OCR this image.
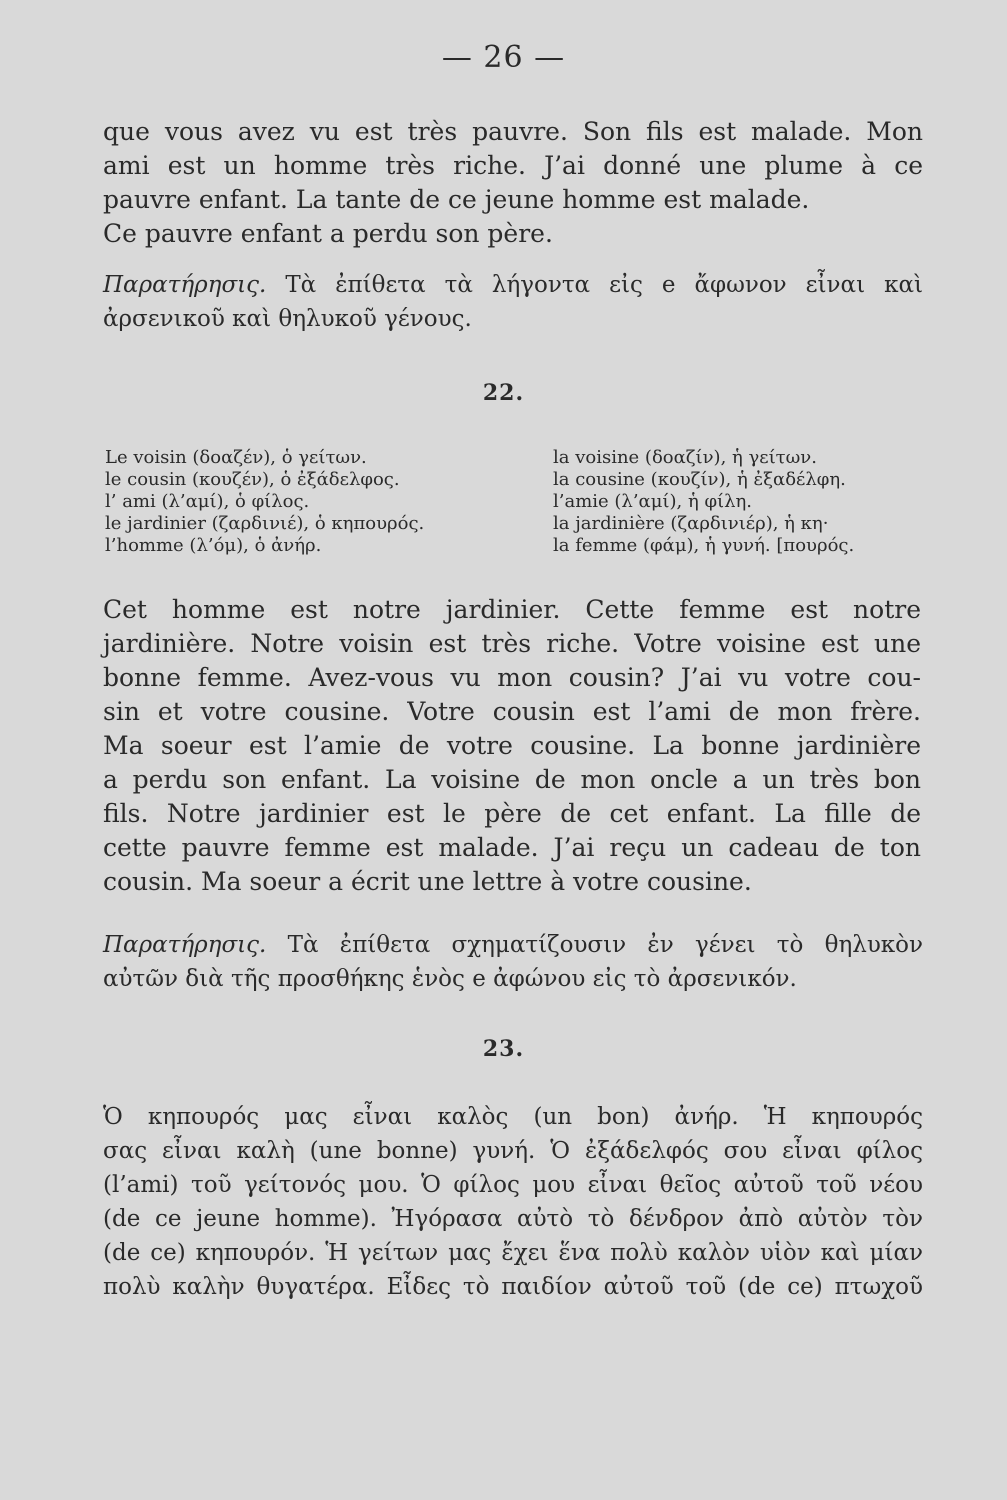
— 26 —
que vous avez vu est très pauvre. Son fils est malade. Mon
ami est un homme très riche. J’ai donné une plume à ce
pauvre enfant. La tante de ce jeune homme est malade.
Ce pauvre enfant a perdu son père.
Παρατήρησις. Τὰ ἐπίθετα τὰ λήγοντα εἰς e ἄφωνον εἶναι καὶ
ἀρσενικοῦ καὶ θηλυκοῦ γένους.
22.
Le voisin (δοαζέν), ὁ γείτων.
le cousin (κουζέν), ὁ ἐξάδελφος.
l’ ami (λ’αμί), ὁ φίλος.
le jardinier (ζαρδινιέ), ὁ κηπουρός.
l’homme (λ’όμ), ὁ ἀνήρ.
la voisine (δοαζίν), ἡ γείτων.
la cousine (κουζίν), ἡ ἐξαδέλφη.
l’amie (λ’αμί), ἡ φίλη.
la jardinière (ζαρδινιέρ), ἡ κη·
la femme (φάμ), ἡ γυνή. [πουρός.
Cet homme est notre jardinier. Cette femme est notre
jardinière. Notre voisin est très riche. Votre voisine est une
bonne femme. Avez-vous vu mon cousin? J’ai vu votre cou-
sin et votre cousine. Votre cousin est l’ami de mon frère.
Ma soeur est l’amie de votre cousine. La bonne jardinière
a perdu son enfant. La voisine de mon oncle a un très bon
fils. Notre jardinier est le père de cet enfant. La fille de
cette pauvre femme est malade. J’ai reçu un cadeau de ton
cousin. Ma soeur a écrit une lettre à votre cousine.
Παρατήρησις. Τὰ ἐπίθετα σχηματίζουσιν ἐν γένει τὸ θηλυκὸν
αὐτῶν διὰ τῆς προσθήκης ἑνὸς e ἀφώνου εἰς τὸ ἀρσενικόν.
23.
Ὁ κηπουρός μας εἶναι καλὸς (un bon) ἀνήρ. Ἡ κηπουρός
σας εἶναι καλὴ (une bonne) γυνή. Ὁ ἐξάδελφός σου εἶναι φίλος
(l’ami) τοῦ γείτονός μου. Ὁ φίλος μου εἶναι θεῖος αὐτοῦ τοῦ νέου
(de ce jeune homme). Ἠγόρασα αὐτὸ τὸ δένδρον ἀπὸ αὐτὸν τὸν
(de ce) κηπουρόν. Ἡ γείτων μας ἔχει ἕνα πολὺ καλὸν υἱὸν καὶ μίαν
πολὺ καλὴν θυγατέρα. Εἶδες τὸ παιδίον αὐτοῦ τοῦ (de ce) πτωχοῦ
